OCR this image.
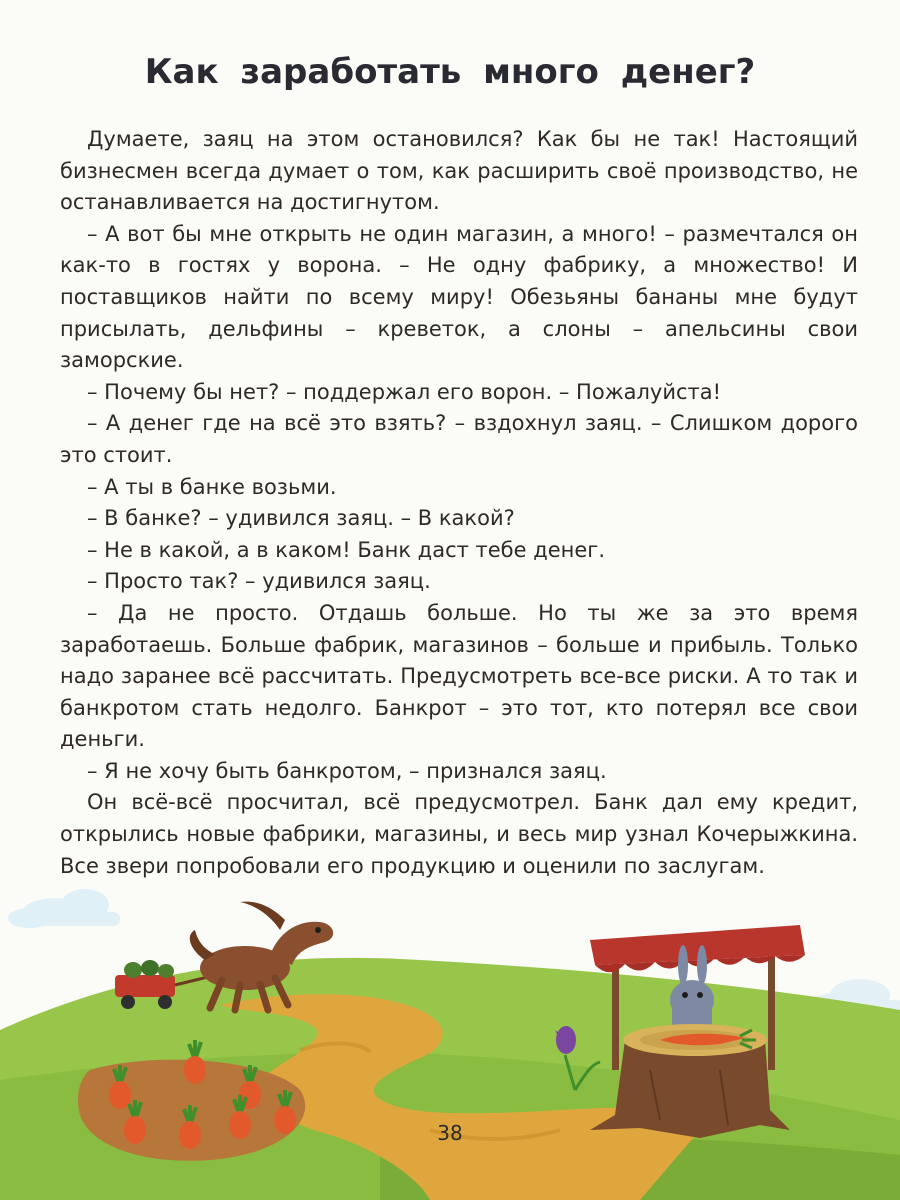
Как заработать много денег?

Думаете, заяц на этом остановился? Как бы не так! Настоящий бизнесмен всегда думает о том, как расширить своё производство, не останавливается на достигнутом.

– А вот бы мне открыть не один магазин, а много! – размечтался он как-то в гостях у ворона. – Не одну фабрику, а множество! И поставщиков найти по всему миру! Обезьяны бананы мне будут присылать, дельфины – креветок, а слоны – апельсины свои заморские.

– Почему бы нет? – поддержал его ворон. – Пожалуйста!

– А денег где на всё это взять? – вздохнул заяц. – Слишком дорого это стоит.

– А ты в банке возьми.

– В банке? – удивился заяц. – В какой?

– Не в какой, а в каком! Банк даст тебе денег.

– Просто так? – удивился заяц.

– Да не просто. Отдашь больше. Но ты же за это время заработаешь. Больше фабрик, магазинов – больше и прибыль. Только надо заранее всё рассчитать. Предусмотреть все-все риски. А то так и банкротом стать недолго. Банкрот – это тот, кто потерял все свои деньги.

– Я не хочу быть банкротом, – признался заяц.

Он всё-всё просчитал, всё предусмотрел. Банк дал ему кредит, открылись новые фабрики, магазины, и весь мир узнал Кочерыжкина. Все звери попробовали его продукцию и оценили по заслугам.

38
